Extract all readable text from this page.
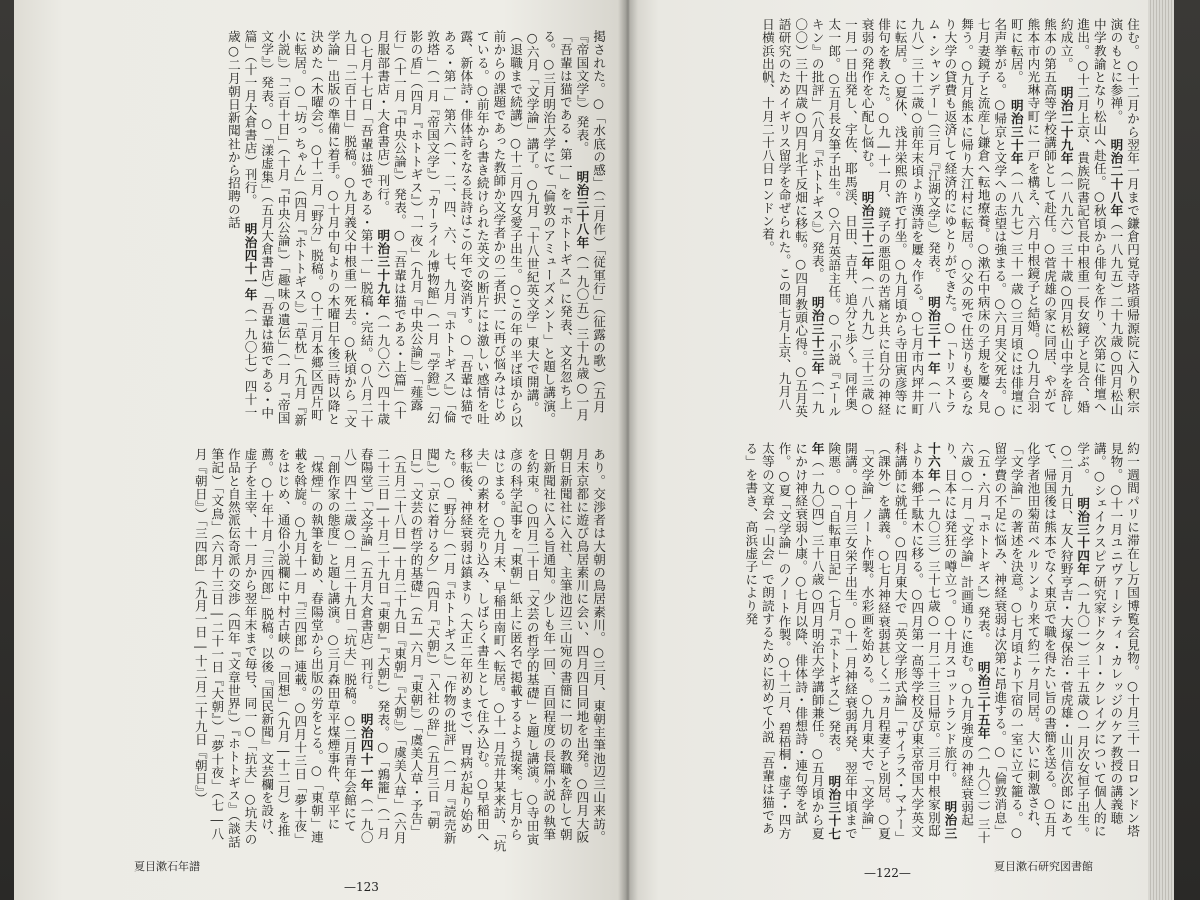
掲された。○「水底の感」（二月作）「従軍行」（征露の歌）（五月『帝国文学』）発表。 明治三十八年（一九〇五）三十九歳○一月「吾輩は猫である・第一」を『ホトトギス』に発表、文名忽ち上る。○三月明治大学にて「倫敦のアミューズメント」と題し講演。○六月「文学論」講了。○九月「十八世紀英文学」東大で開講。（退職まで続講）○十二月四女愛子出生。○この年の半ば頃から以前からの課題であった教師か文学者かの二者択一に再び悩みはじめている。○前年から書き続けられた英文の断片には激しい感情を吐露、新体詩・俳体詩をなる長詩はこの年で姿消す。○「吾輩は猫である・第一」第六（一、二、四、六、七、九月『ホトトギス』）「倫敦塔」（一月『帝国文学』）「カーライル博物館」（一月『学鐙』）「幻影の盾」（四月『ホトトギス』）「一夜」（九月『中央公論』）「薤露行」（十一月『中央公論』）発表。○「吾輩は猫である・上篇」（十月服部書店・大倉書店）刊行。 明治三十九年（一九〇六）四十歳○七月十七日「吾輩は猫である・第十一」脱稿・完結。○八月二十九日「二百十日」脱稿。○九月義父中根重一死去。○秋頃から「文学論」出版の準備に着手。○十月中旬よりの木曜日午後三時以降と決めた（木曜会）。○十二月「野分」脱稿。○十二月本郷区西片町に転居。○「坊っちゃん」（四月『ホトトギス』）「草枕」（九月『新小説』）「二百十日」（十月『中央公論』）「趣味の遺伝」（一月『帝国文学』）発表。○「漾虚集」（五月大倉書店）「吾輩は猫である・中篇」（十一月大倉書店）刊行。 明治四十一年（一九〇七）四十一歳○二月朝日新聞社から招聘の話
あり。交渉者は大朝の鳥居素川。○三月、東朝主筆池辺三山来訪。月末京都に遊び鳥居素川に会い、四月四日同地を出発。○四月大阪朝日新聞社に入社、主筆池辺三山宛の書簡に一切の教職を辞して朝日新聞社に入る旨通知。少しも年一回、百回程度の長篇小説の執筆を約束。○四月二十日「文芸の哲学的基礎」と題し講演。○寺田寅彦の科学記事を「東朝」紙上に匿名で掲載するよう提案。七月からはじまる。○九月末、早稲田南町へ転居。○十一月荒井某来訪、「坑夫」の素材を売り込み、しばらく書生として住み込む。○早稲田へ移転後、神経衰弱は鎮まり（大正二年初めまで）、胃病が起り始めた。○「野分」（一月『ホトトギス』）「作物の批評」（一月『読売新聞』）「京に着ける夕」（四月『大朝』）「入社の辞」（五月三日『朝日』）「文芸の哲学的基礎」（五―六月『東朝』）「虞美人草・予告」（五月二十八日―十月二十九日『東朝』『大朝』）「虞美人草」（六月二十三日―十月二十九日『東朝』『大朝』）発表。○「鶉籠」（一月春陽堂）「文学論」（五月大倉書店）刊行。 明治四十一年（一九〇八）四十二歳○一月二十九日「坑夫」脱稿。○二月青年会館にて「創作家の態度」と題し講演。○三月森田草平煤煙事件、草平に「煤煙」の執筆を勧め、春陽堂から出版の労をとる。○「東朝」連載を斡旋。○九月十一月『三四郎』連載。○四月十三日「夢十夜」をはじめ、通俗小説欄に中村古峡の「回想」（九月―十二月）を推薦。○十年十月「三四郎」脱稿。以後『国民新聞』文芸欄を設け、虚子を主宰、十一月から翌年末まで毎号、同一○「抗夫」○坑夫の作品と自然派伝奇派の交渉（四年『文章世界』）『ホトトギス』（談話筆記）「文鳥」（六月十三日―二十一日『大朝』）「夢十夜」（七―八月『朝日』）「三四郎」（九月一日―十二月二十九日『朝日』）
夏目漱石年譜
—123
住む。○十二月から翌年一月まで鎌倉円覚寺塔頭帰源院に入り釈宗演のもとに参禅。 明治二十八年（一八九五）二十九歳○四月松山中学教諭となり松山へ赴任。○秋頃から俳句を作り、次第に俳壇へ進出。○十二月上京、貴族院書記官長中根重一長女鏡子と見合、婚約成立。 明治二十九年（一八九六）三十歳○四月松山中学を辞し熊本の第五高等学校講師として赴任。○菅虎雄の家に同居、やがて熊本市内光琳寺町に一戸を構え、六月中根鏡子と結婚。○九月合羽町に転居。 明治三十年（一八九七）三十一歳○三月頃には俳壇に名声挙がる。○帰京と文学への志望は強まる。○六月実父死去。○七月妻鏡子と流産し鎌倉へ転地療養。○漱石中病床の子規を屢々見舞う。○九月熊本に帰り大江村に転居。○父の死で仕送りも要らなり大学の貸費も返済して経済的にゆとりができた。○「トリストラム・シャンデー」（三月『江湖文学』）発表。 明治三十一年（一八九八）三十二歳○前年末頃より漢詩を屢々作る。○七月市内坪井町に転居。○夏休、浅井栄熙の許で打坐。○九月頃から寺田寅彦等に俳句を教えた。○九―十一月、鏡子の悪阻の苦痛と共に自分の神経衰弱の発作を心配し悩む。 明治三十二年（一八九九）三十三歳○一月一日出発し、宇佐、耶馬渓、日田、吉井、追分と歩く。同伴奥太一郎。○五月長女筆子出生。○六月英語主任。○「小説『エールキン』の批評」（八月『ホトトギス』）発表。 明治三十三年（一九〇〇）三十四歳○四月北千反畑に移転。○四月教頭心得。○五月英語研究のためイギリス留学を命ぜられた。この間七月上京、九月八日横浜出帆、十月二十八日ロンドン着。
約一週間パリに滞在し万国博覧会見物。○十月三十一日ロンドン塔見物。○十一月ユニヴァーシティ・カレッジのケア教授の講義聴講。○シェイクスピア研究家ドクター・クレイグについて個人的に学ぶ。 明治三十四年（一九〇一）三十五歳○一月次女恒子出生。○二月九日、友人狩野亨吉・大塚保治・菅虎雄・山川信次郎にあてて、帰国後は熊本でなく東京で職を得たい旨の書簡を送る。○五月化学者池田菊苗ベルリンより来て約二ヶ月同居。大いに刺激され、「文学論」の著述を決意。○七月頃より下宿の一室に立て籠る。○留学費の不足に悩み、神経衰弱は次第に昂進する。○「倫敦消息」（五・六月『ホトトギス』）発表。 明治三十五年（一九〇二）三十六歳○一月「文学論」計画通りに進む。○九月強度の神経衰弱起り、日本には発狂の噂立つ。○十月スコットランド旅行。 明治三十六年（一九〇三）三十七歳○一月二十三日帰京。三月中根家別邸より本郷千駄木に移る。○四月第一高等学校及び東京帝国大学英文科講師に就任。○四月東大で「英文学形式論」「サイラス・マナー」（課外）を講義。○七月神経衰弱甚しく二ヵ月程妻子と別居。○夏「文学論」ノート作製。水彩画を始める。○九月東大で「文学論」開講。○十月三女栄子出生。○十一月神経衰弱再発、翌年中頃まで険悪。○「自転車日記」（七月『ホトトギス』）発表。 明治三十七年（一九〇四）三十八歳○四月明治大学講師兼任。○五月頃から夏にかけ神経衰弱小康。○七月以降、俳体詩・俳想詩・連句等を試作。○夏「文学論」のノート作製。○十二月、碧梧桐・虚子・四方太等の文章会「山会」で朗読するために初めて小説「吾輩は猫である」を書き、高浜虚子により発
夏目漱石研究図書館
—122—
